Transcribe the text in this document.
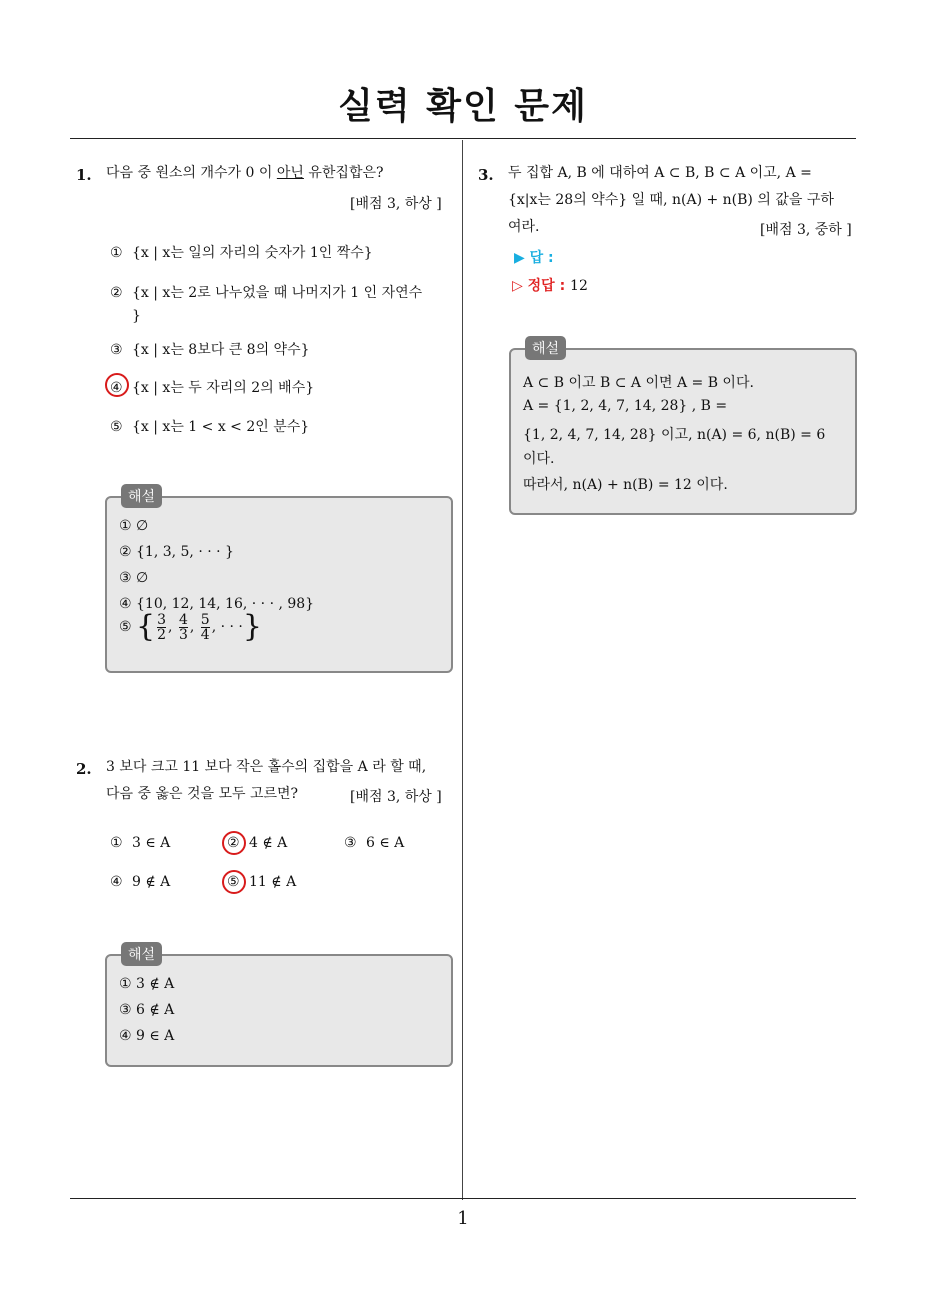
실력 확인 문제
1. 다음 중 원소의 개수가 0 이 아닌 유한집합은?
[배점 3, 하상 ]
① {x | x는 일의 자리의 숫자가 1인 짝수}
② {x | x는 2로 나누었을 때 나머지가 1 인 자연수
}
③ {x | x는 8보다 큰 8의 약수}
④ {x | x는 두 자리의 2의 배수}
⑤ {x | x는 1 < x < 2인 분수}
해설
① ∅
② {1, 3, 5, · · · }
③ ∅
④ {10, 12, 14, 16, · · · , 98}
⑤ { $\frac{3}{2}$ , $\frac{4}{3}$ , $\frac{5}{4}$ , · · ·}
2. 3 보다 크고 11 보다 작은 홀수의 집합을 A 라 할 때,
다음 중 옳은 것을 모두 고르면?	[배점 3, 하상 ]
① 3 ∈ A	② 4 ∉ A	③ 6 ∈ A
④ 9 ∉ A	⑤ 11 ∉ A
해설
① 3 ∉ A
③ 6 ∉ A
④ 9 ∈ A
3. 두 집합 A, B 에 대하여 A ⊂ B, B ⊂ A 이고, A =
{x|x는 28의 약수} 일 때, n(A) + n(B) 의 값을 구하
여라.	[배점 3, 중하 ]
▶ 답 :
▷ 정답 : 12
해설
A ⊂ B 이고 B ⊂ A 이면 A = B 이다.
A = {1, 2, 4, 7, 14, 28} , B =
{1, 2, 4, 7, 14, 28} 이고, n(A) = 6, n(B) = 6
이다.
따라서, n(A) + n(B) = 12 이다.
1
